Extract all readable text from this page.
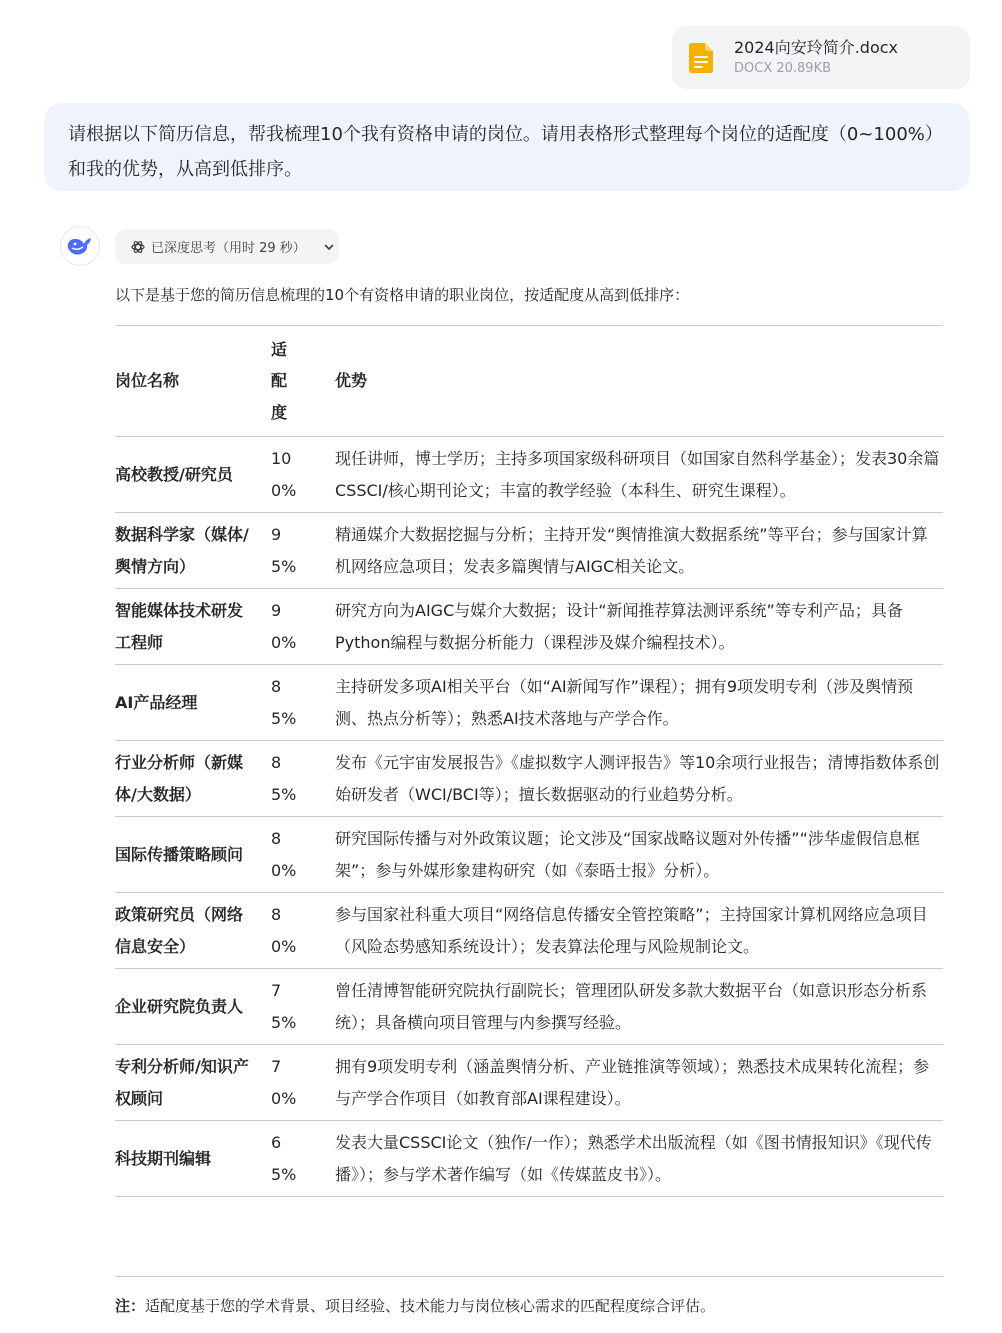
2024向安玲简介.docx
DOCX 20.89KB
请根据以下简历信息，帮我梳理10个我有资格申请的岗位。请用表格形式整理每个岗位的适配度（0~100%）和我的优势，从高到低排序。
已深度思考（用时 29 秒）
以下是基于您的简历信息梳理的10个有资格申请的职业岗位，按适配度从高到低排序：
岗位名称	适配度	优势
高校教授/研究员	100%	现任讲师，博士学历；主持多项国家级科研项目（如国家自然科学基金）；发表30余篇CSSCI/核心期刊论文；丰富的教学经验（本科生、研究生课程）。
数据科学家（媒体/舆情方向）	95%	精通媒介大数据挖掘与分析；主持开发“舆情推演大数据系统”等平台；参与国家计算机网络应急项目；发表多篇舆情与AIGC相关论文。
智能媒体技术研发工程师	90%	研究方向为AIGC与媒介大数据；设计“新闻推荐算法测评系统”等专利产品；具备Python编程与数据分析能力（课程涉及媒介编程技术）。
AI产品经理	85%	主持研发多项AI相关平台（如“AI新闻写作”课程）；拥有9项发明专利（涉及舆情预测、热点分析等）；熟悉AI技术落地与产学合作。
行业分析师（新媒体/大数据）	85%	发布《元宇宙发展报告》《虚拟数字人测评报告》等10余项行业报告；清博指数体系创始研发者（WCI/BCI等）；擅长数据驱动的行业趋势分析。
国际传播策略顾问	80%	研究国际传播与对外政策议题；论文涉及“国家战略议题对外传播”“涉华虚假信息框架”；参与外媒形象建构研究（如《泰晤士报》分析）。
政策研究员（网络信息安全）	80%	参与国家社科重大项目“网络信息传播安全管控策略”；主持国家计算机网络应急项目（风险态势感知系统设计）；发表算法伦理与风险规制论文。
企业研究院负责人	75%	曾任清博智能研究院执行副院长；管理团队研发多款大数据平台（如意识形态分析系统）；具备横向项目管理与内参撰写经验。
专利分析师/知识产权顾问	70%	拥有9项发明专利（涵盖舆情分析、产业链推演等领域）；熟悉技术成果转化流程；参与产学合作项目（如教育部AI课程建设）。
科技期刊编辑	65%	发表大量CSSCI论文（独作/一作）；熟悉学术出版流程（如《图书情报知识》《现代传播》）；参与学术著作编写（如《传媒蓝皮书》）。
注：适配度基于您的学术背景、项目经验、技术能力与岗位核心需求的匹配程度综合评估。
